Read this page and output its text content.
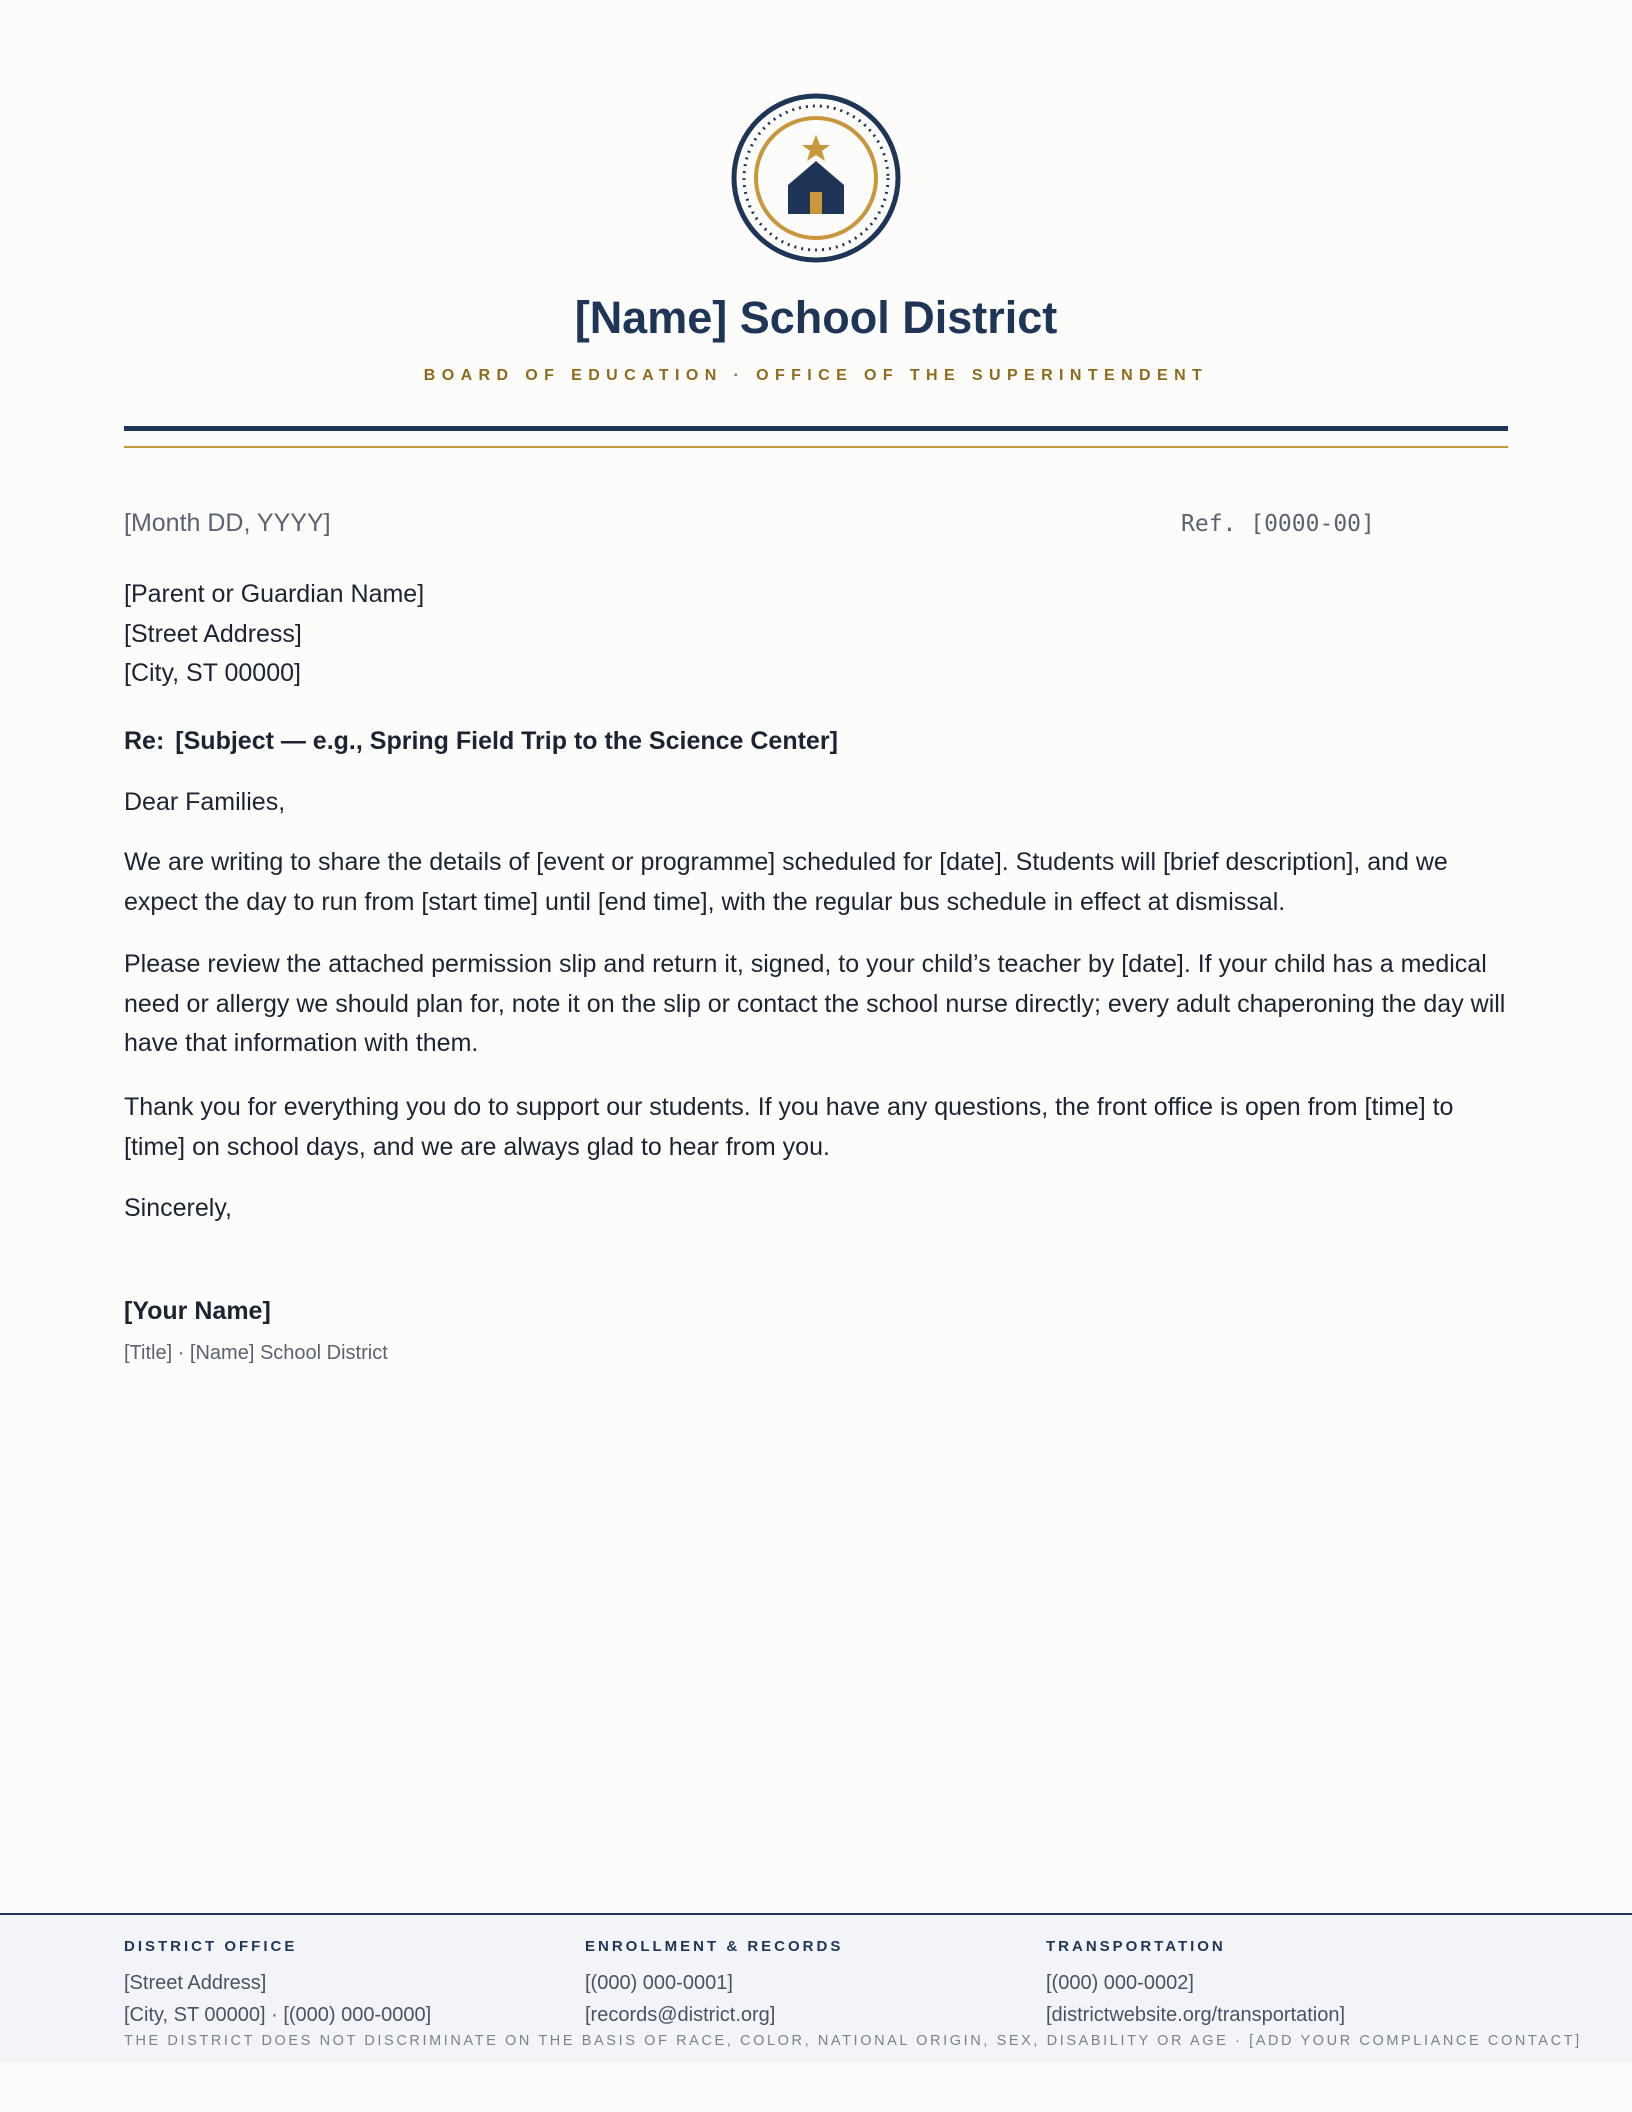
[Name] School District
BOARD OF EDUCATION · OFFICE OF THE SUPERINTENDENT
[Month DD, YYYY]	Ref. [0000-00]
[Parent or Guardian Name]
[Street Address]
[City, ST 00000]
Re: [Subject — e.g., Spring Field Trip to the Science Center]
Dear Families,
We are writing to share the details of [event or programme] scheduled for [date]. Students will [brief description], and we expect the day to run from [start time] until [end time], with the regular bus schedule in effect at dismissal.
Please review the attached permission slip and return it, signed, to your child’s teacher by [date]. If your child has a medical need or allergy we should plan for, note it on the slip or contact the school nurse directly; every adult chaperoning the day will have that information with them.
Thank you for everything you do to support our students. If you have any questions, the front office is open from [time] to [time] on school days, and we are always glad to hear from you.
Sincerely,
[Your Name]
[Title] · [Name] School District
DISTRICT OFFICE
[Street Address]
[City, ST 00000] · [(000) 000-0000]
ENROLLMENT & RECORDS
[(000) 000-0001]
[records@district.org]
TRANSPORTATION
[(000) 000-0002]
[districtwebsite.org/transportation]
THE DISTRICT DOES NOT DISCRIMINATE ON THE BASIS OF RACE, COLOR, NATIONAL ORIGIN, SEX, DISABILITY OR AGE · [ADD YOUR COMPLIANCE CONTACT]
